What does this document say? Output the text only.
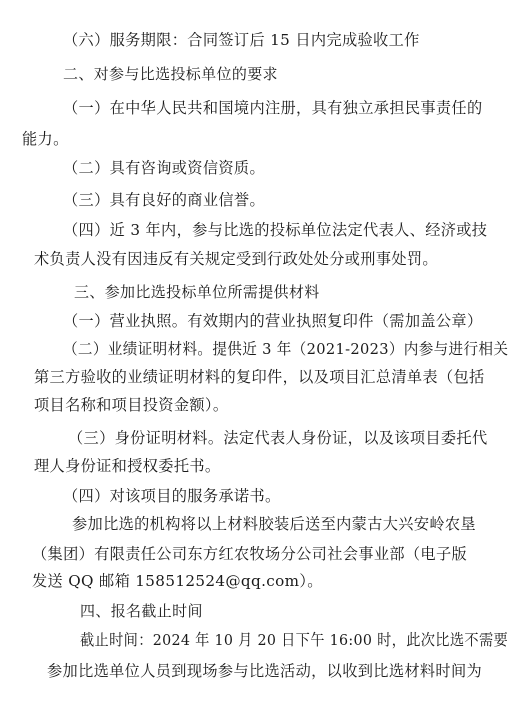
（六）服务期限：合同签订后 15 日内完成验收工作
二、对参与比选投标单位的要求
（一）在中华人民共和国境内注册，具有独立承担民事责任的
能力。
（二）具有咨询或资信资质。
（三）具有良好的商业信誉。
（四）近 3 年内，参与比选的投标单位法定代表人、经济或技
术负责人没有因违反有关规定受到行政处处分或刑事处罚。
三、参加比选投标单位所需提供材料
（一）营业执照。有效期内的营业执照复印件（需加盖公章）
（二）业绩证明材料。提供近 3 年（2021-2023）内参与进行相关
第三方验收的业绩证明材料的复印件，以及项目汇总清单表（包括
项目名称和项目投资金额）。
（三）身份证明材料。法定代表人身份证，以及该项目委托代
理人身份证和授权委托书。
（四）对该项目的服务承诺书。
参加比选的机构将以上材料胶装后送至内蒙古大兴安岭农垦
（集团）有限责任公司东方红农牧场分公司社会事业部（电子版
发送 QQ 邮箱 158512524@qq.com）。
四、报名截止时间
截止时间：2024 年 10 月 20 日下午 16:00 时，此次比选不需要
参加比选单位人员到现场参与比选活动，以收到比选材料时间为
